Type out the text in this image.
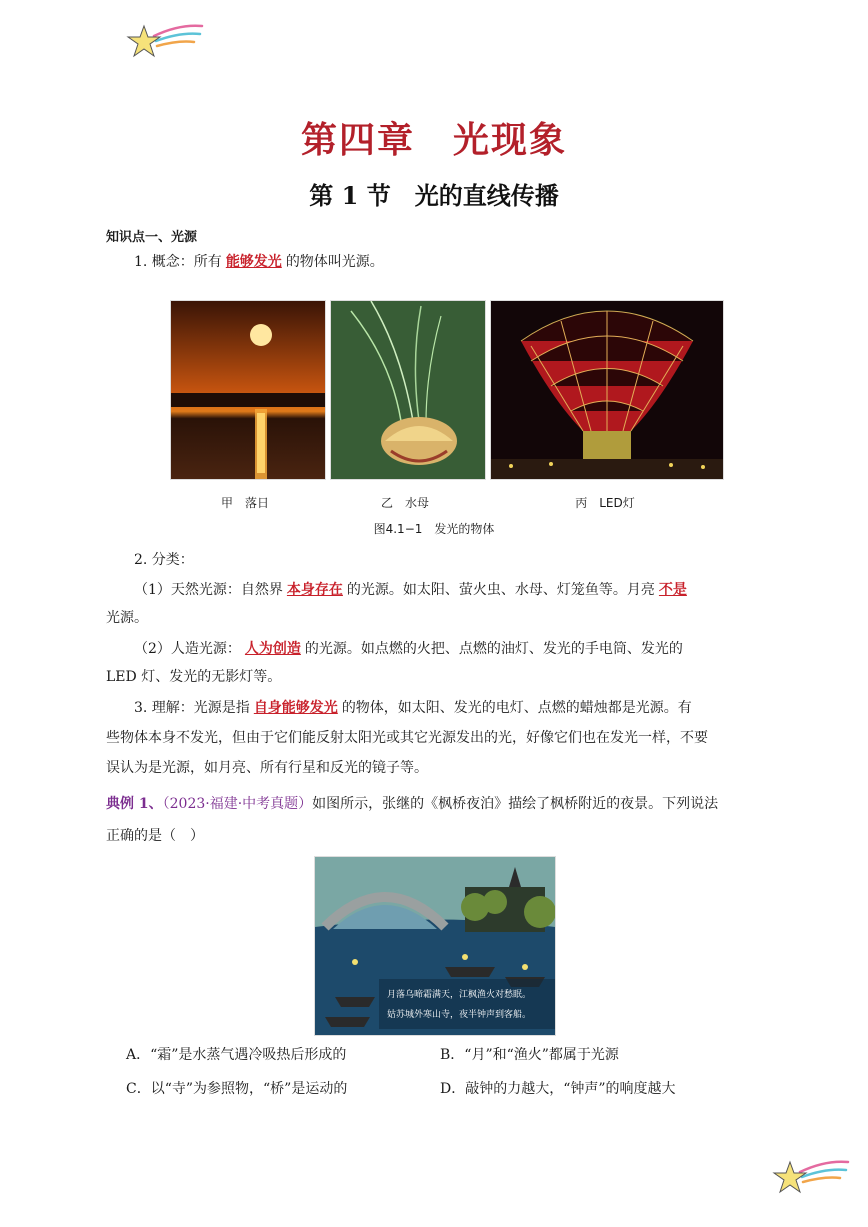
第四章　光现象
第 1 节　光的直线传播
知识点一、光源
1. 概念：所有 能够发光 的物体叫光源。
甲　落日	乙　水母	丙　LED灯
图4.1−1　发光的物体
2. 分类：
（1）天然光源：自然界 本身存在 的光源。如太阳、萤火虫、水母、灯笼鱼等。月亮 不是
光源。
（2）人造光源： 人为创造 的光源。如点燃的火把、点燃的油灯、发光的手电筒、发光的
LED 灯、发光的无影灯等。
3. 理解：光源是指 自身能够发光 的物体，如太阳、发光的电灯、点燃的蜡烛都是光源。有
些物体本身不发光，但由于它们能反射太阳光或其它光源发出的光，好像它们也在发光一样，不要
误认为是光源，如月亮、所有行星和反光的镜子等。
典例 1、（2023·福建·中考真题）如图所示，张继的《枫桥夜泊》描绘了枫桥附近的夜景。下列说法
正确的是（　）
月落乌啼霜满天，江枫渔火对愁眠。
姑苏城外寒山寺，夜半钟声到客船。
A．“霜”是水蒸气遇冷吸热后形成的	B．“月”和“渔火”都属于光源
C．以“寺”为参照物，“桥”是运动的	D．敲钟的力越大，“钟声”的响度越大
